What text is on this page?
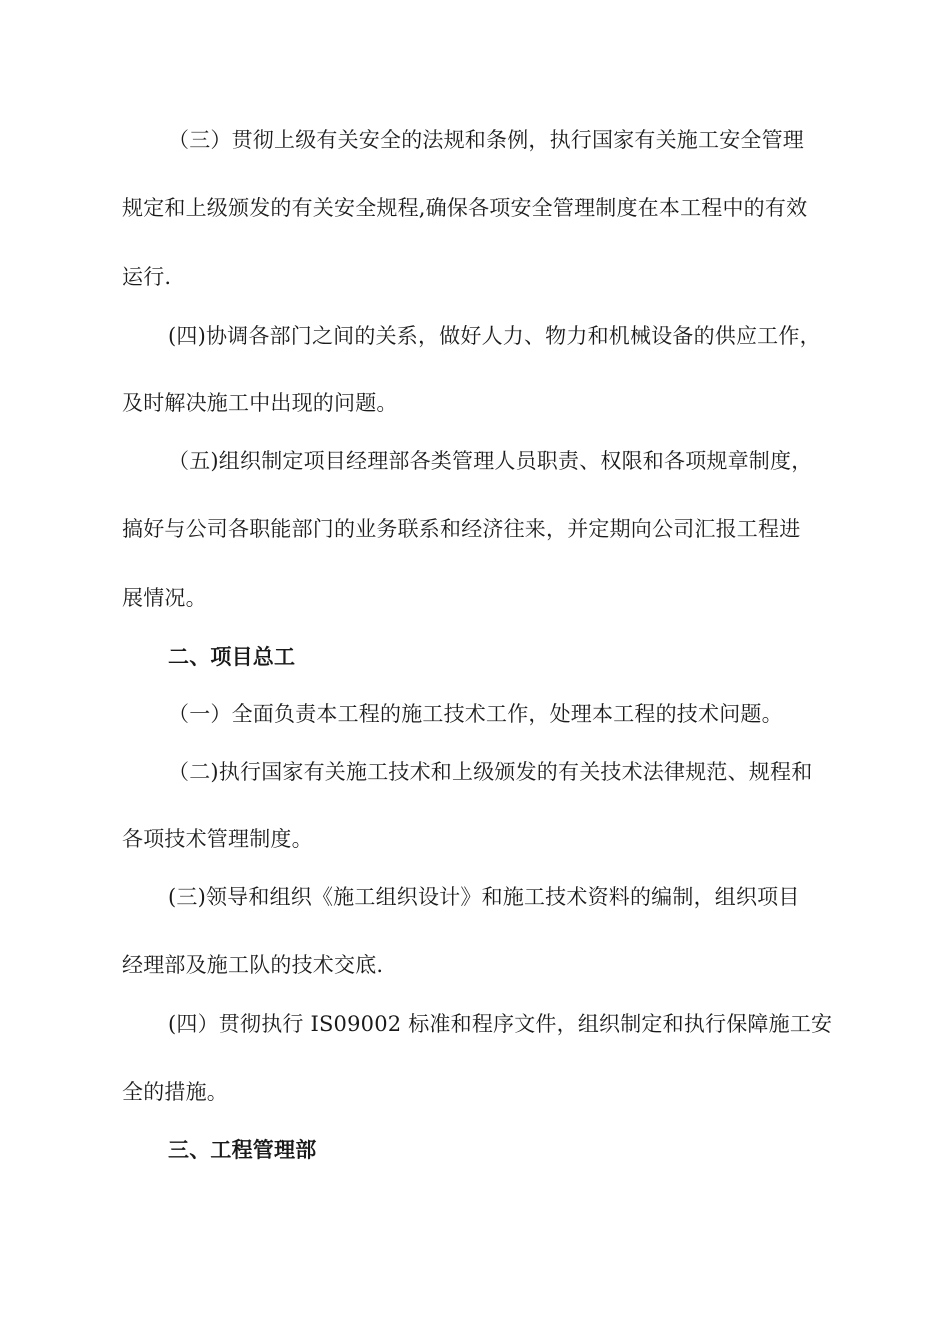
（三）贯彻上级有关安全的法规和条例，执行国家有关施工安全管理
规定和上级颁发的有关安全规程,确保各项安全管理制度在本工程中的有效
运行.
(四)协调各部门之间的关系，做好人力、物力和机械设备的供应工作，
及时解决施工中出现的问题。
（五)组织制定项目经理部各类管理人员职责、权限和各项规章制度，
搞好与公司各职能部门的业务联系和经济往来，并定期向公司汇报工程进
展情况。
二、项目总工
（一）全面负责本工程的施工技术工作，处理本工程的技术问题。
（二)执行国家有关施工技术和上级颁发的有关技术法律规范、规程和
各项技术管理制度。
(三)领导和组织《施工组织设计》和施工技术资料的编制，组织项目
经理部及施工队的技术交底.
(四）贯彻执行 IS09002 标准和程序文件，组织制定和执行保障施工安
全的措施。
三、工程管理部
